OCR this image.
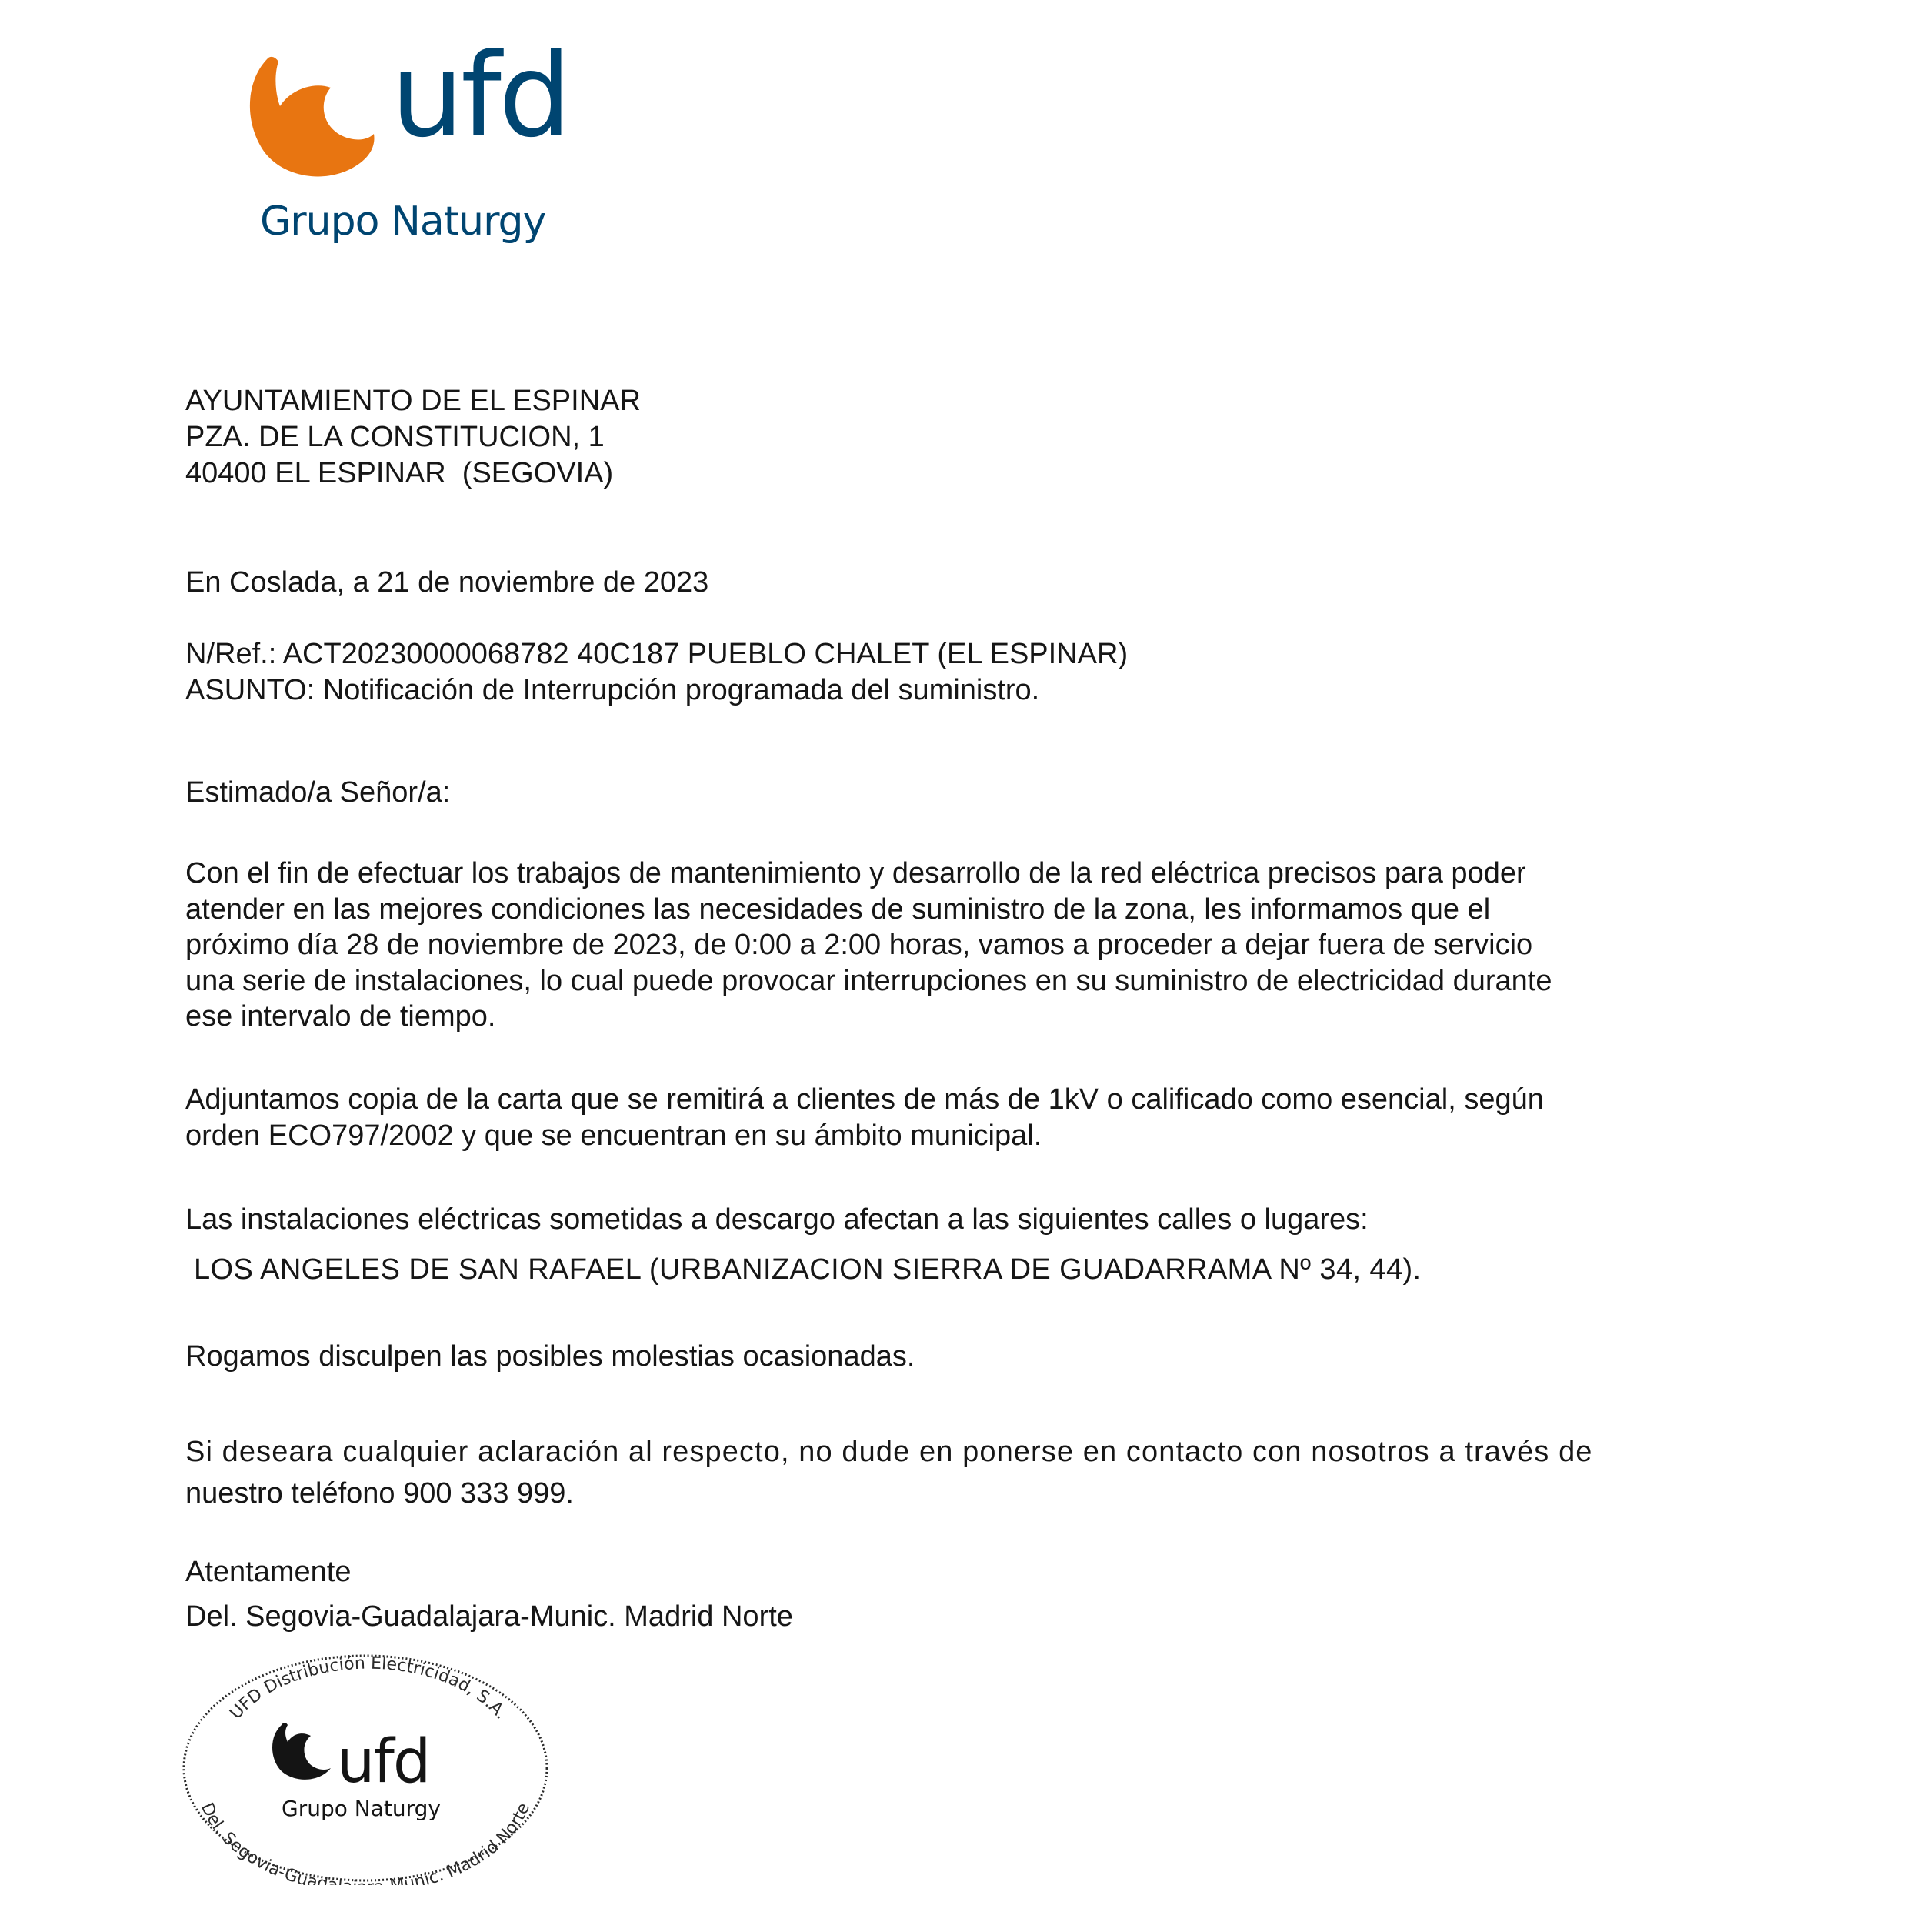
ufd
Grupo Naturgy
AYUNTAMIENTO DE EL ESPINAR
PZA. DE LA CONSTITUCION, 1
40400 EL ESPINAR  (SEGOVIA)
En Coslada, a 21 de noviembre de 2023
N/Ref.: ACT20230000068782 40C187 PUEBLO CHALET (EL ESPINAR)
ASUNTO: Notificación de Interrupción programada del suministro.
Estimado/a Señor/a:
Con el fin de efectuar los trabajos de mantenimiento y desarrollo de la red eléctrica precisos para poder
atender en las mejores condiciones las necesidades de suministro de la zona, les informamos que el
próximo día 28 de noviembre de 2023, de 0:00 a 2:00 horas, vamos a proceder a dejar fuera de servicio
una serie de instalaciones, lo cual puede provocar interrupciones en su suministro de electricidad durante
ese intervalo de tiempo.
Adjuntamos copia de la carta que se remitirá a clientes de más de 1kV o calificado como esencial, según
orden ECO797/2002 y que se encuentran en su ámbito municipal.
Las instalaciones eléctricas sometidas a descargo afectan a las siguientes calles o lugares:
LOS ANGELES DE SAN RAFAEL (URBANIZACION SIERRA DE GUADARRAMA Nº 34, 44).
Rogamos disculpen las posibles molestias ocasionadas.
Si deseara cualquier aclaración al respecto, no dude en ponerse en contacto con nosotros a través de
nuestro teléfono 900 333 999.
Atentamente
Del. Segovia-Guadalajara-Munic. Madrid Norte
UFD Distribución Electricidad, S.A.
Del. Segovia-Guad unic. Madrid Norte
ufd
Grupo Naturgy
